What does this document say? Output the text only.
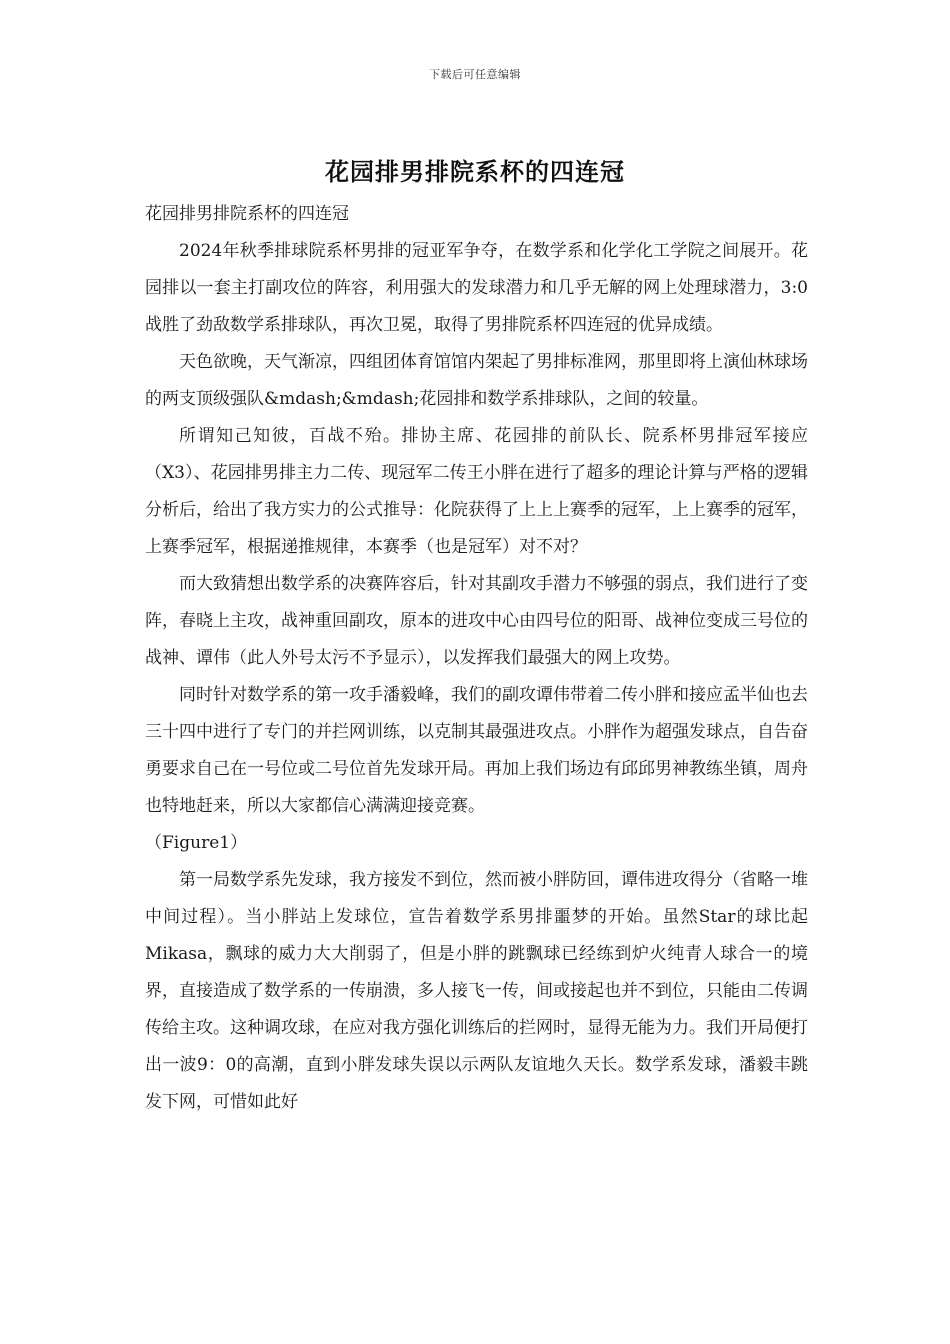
下载后可任意编辑
花园排男排院系杯的四连冠

花园排男排院系杯的四连冠

2024年秋季排球院系杯男排的冠亚军争夺，在数学系和化学化工学院之间展开。花园排以一套主打副攻位的阵容，利用强大的发球潜力和几乎无解的网上处理球潜力，3:0战胜了劲敌数学系排球队，再次卫冕，取得了男排院系杯四连冠的优异成绩。

天色欲晚，天气渐凉，四组团体育馆馆内架起了男排标准网，那里即将上演仙林球场的两支顶级强队&mdash;&mdash;花园排和数学系排球队，之间的较量。

所谓知己知彼，百战不殆。排协主席、花园排的前队长、院系杯男排冠军接应（X3）、花园排男排主力二传、现冠军二传王小胖在进行了超多的理论计算与严格的逻辑分析后，给出了我方实力的公式推导：化院获得了上上上赛季的冠军，上上赛季的冠军，上赛季冠军，根据递推规律，本赛季（也是冠军）对不对？

而大致猜想出数学系的决赛阵容后，针对其副攻手潜力不够强的弱点，我们进行了变阵，春晓上主攻，战神重回副攻，原本的进攻中心由四号位的阳哥、战神位变成三号位的战神、谭伟（此人外号太污不予显示），以发挥我们最强大的网上攻势。

同时针对数学系的第一攻手潘毅峰，我们的副攻谭伟带着二传小胖和接应孟半仙也去三十四中进行了专门的并拦网训练，以克制其最强进攻点。小胖作为超强发球点，自告奋勇要求自己在一号位或二号位首先发球开局。再加上我们场边有邱邱男神教练坐镇，周舟也特地赶来，所以大家都信心满满迎接竞赛。

（Figure1）

第一局数学系先发球，我方接发不到位，然而被小胖防回，谭伟进攻得分（省略一堆中间过程）。当小胖站上发球位，宣告着数学系男排噩梦的开始。虽然Star的球比起Mikasa，飘球的威力大大削弱了，但是小胖的跳飘球已经练到炉火纯青人球合一的境界，直接造成了数学系的一传崩溃，多人接飞一传，间或接起也并不到位，只能由二传调传给主攻。这种调攻球，在应对我方强化训练后的拦网时，显得无能为力。我们开局便打出一波9：0的高潮，直到小胖发球失误以示两队友谊地久天长。数学系发球，潘毅丰跳发下网，可惜如此好
